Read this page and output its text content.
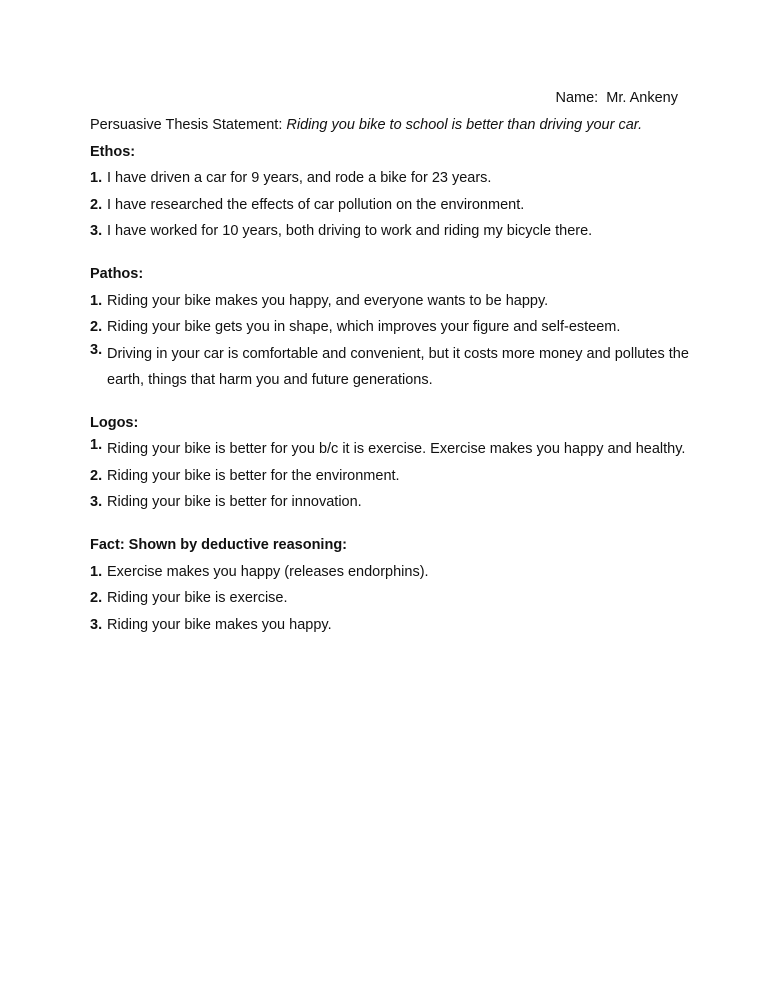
Name: Mr. Ankeny
Persuasive Thesis Statement: Riding you bike to school is better than driving your car.
Ethos:
1. I have driven a car for 9 years, and rode a bike for 23 years.
2. I have researched the effects of car pollution on the environment.
3. I have worked for 10 years, both driving to work and riding my bicycle there.
Pathos:
1. Riding your bike makes you happy, and everyone wants to be happy.
2. Riding your bike gets you in shape, which improves your figure and self-esteem.
3. Driving in your car is comfortable and convenient, but it costs more money and pollutes the earth, things that harm you and future generations.
Logos:
1. Riding your bike is better for you b/c it is exercise. Exercise makes you happy and healthy.
2. Riding your bike is better for the environment.
3. Riding your bike is better for innovation.
Fact: Shown by deductive reasoning:
1. Exercise makes you happy (releases endorphins).
2. Riding your bike is exercise.
3. Riding your bike makes you happy.
